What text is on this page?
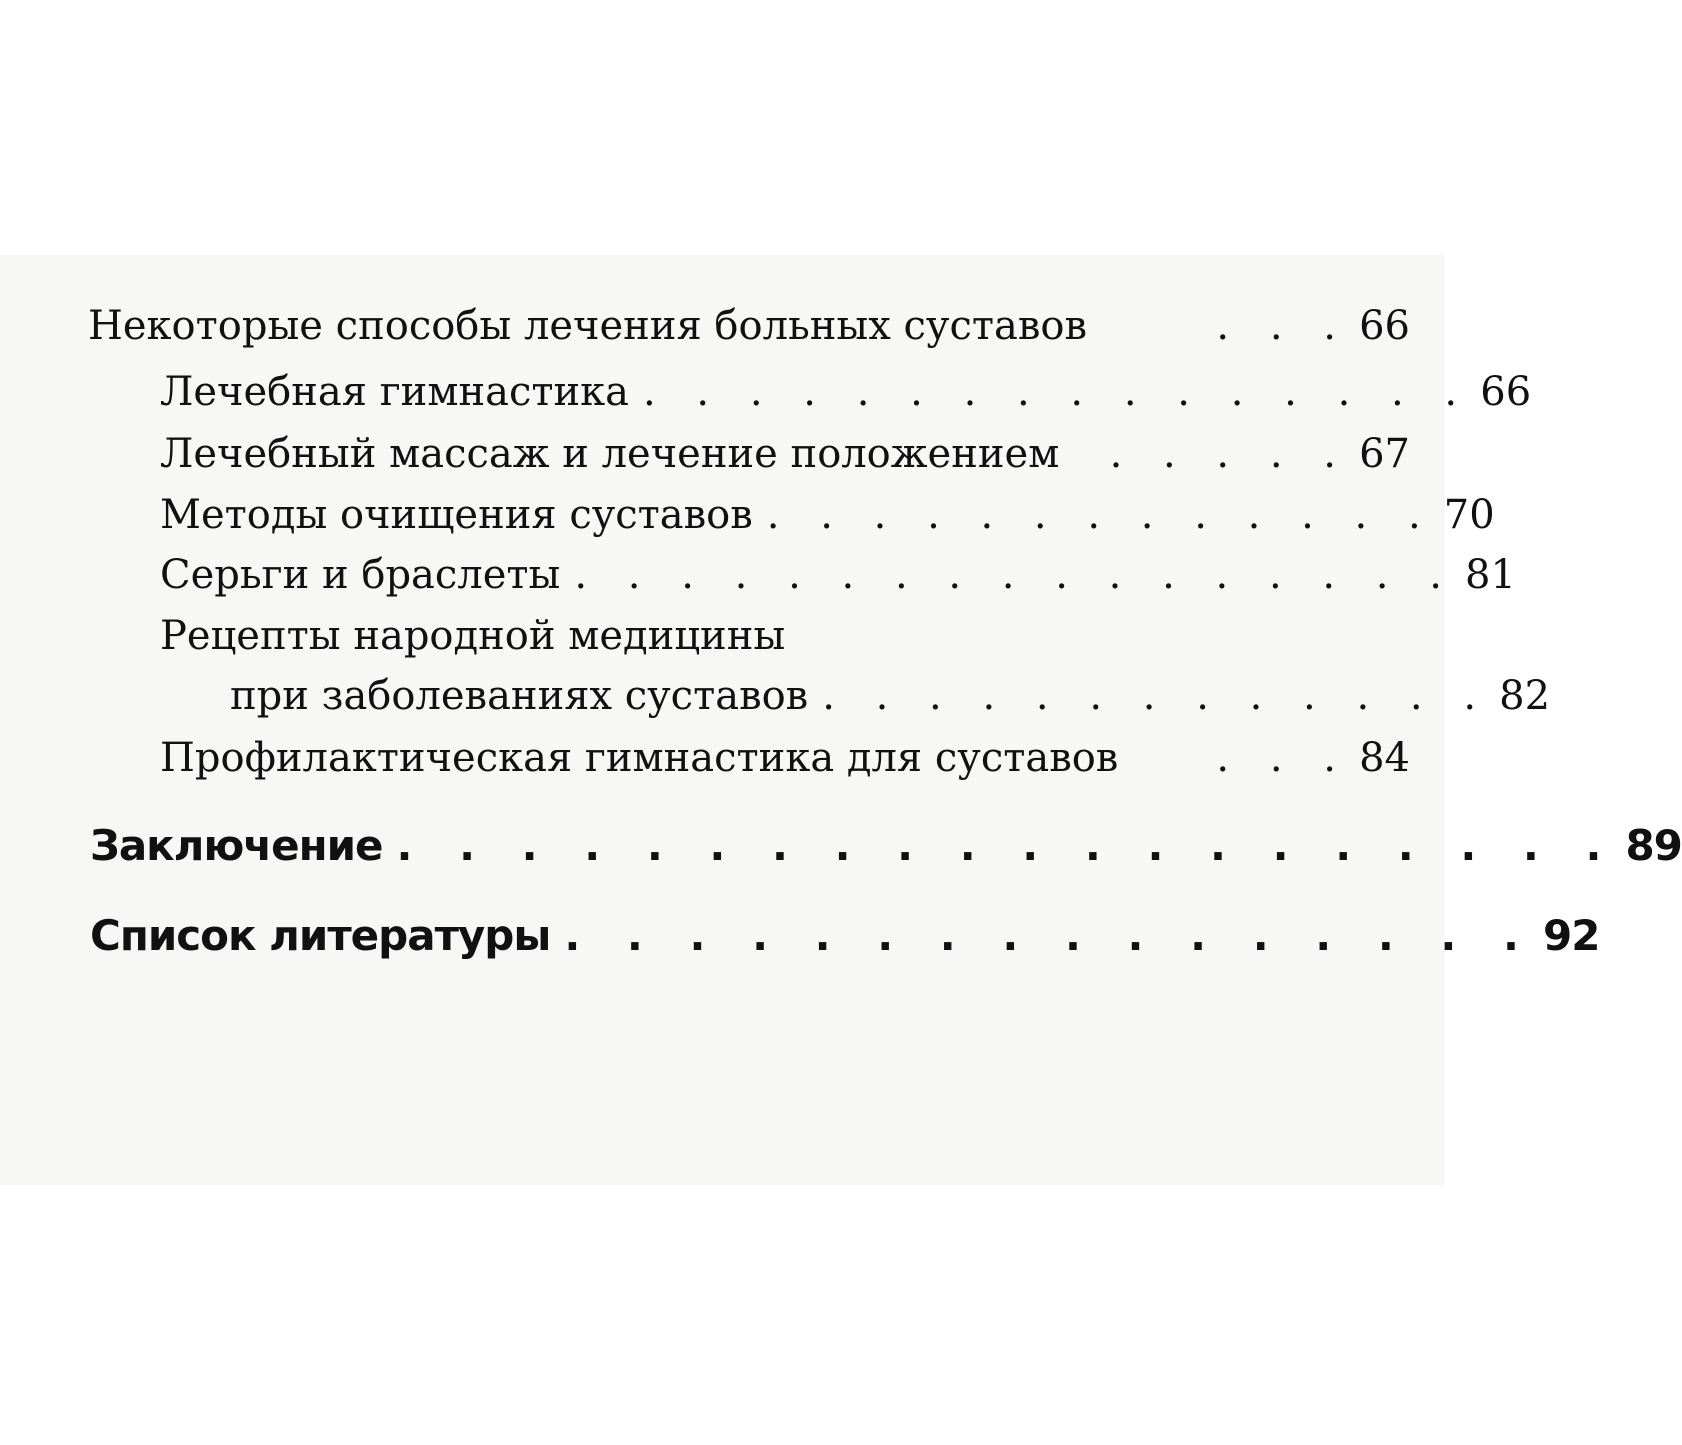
Некоторые способы лечения больных суставов	. . . 66
Лечебная гимнастика . . . . . . . . . . . . . . . . 66
Лечебный массаж и лечение положением	. . . . . 67
Методы очищения суставов . . . . . . . . . . . . . 70
Серьги и браслеты . . . . . . . . . . . . . . . . . 81
Рецепты народной медицины
при заболеваниях суставов . . . . . . . . . . . . . 82
Профилактическая гимнастика для суставов	. . . 84
Заключение . . . . . . . . . . . . . . . . . . . . 89
Список литературы . . . . . . . . . . . . . . . . 92
